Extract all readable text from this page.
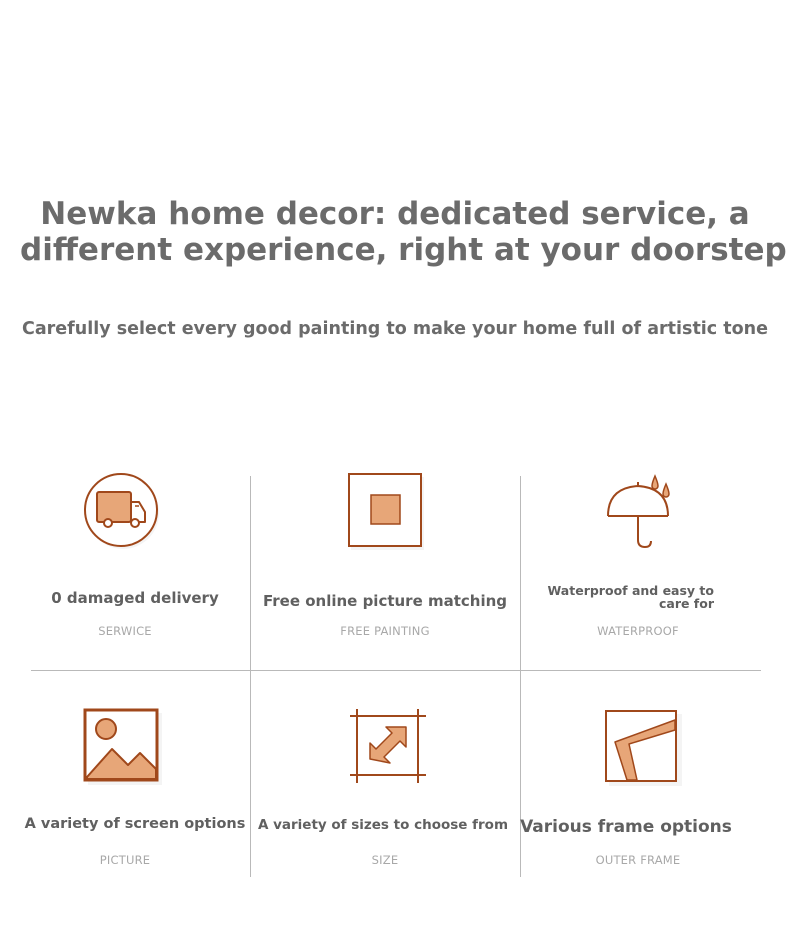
Newka home decor: dedicated service, a
different experience, right at your doorstep

Carefully select every good painting to make your home full of artistic tone

0 damaged delivery

SERWICE

Free online picture matching

FREE PAINTING

Waterproof and easy to
care for

WATERPROOF

A variety of screen options

PICTURE

A variety of sizes to choose from

SIZE

Various frame options

OUTER FRAME
